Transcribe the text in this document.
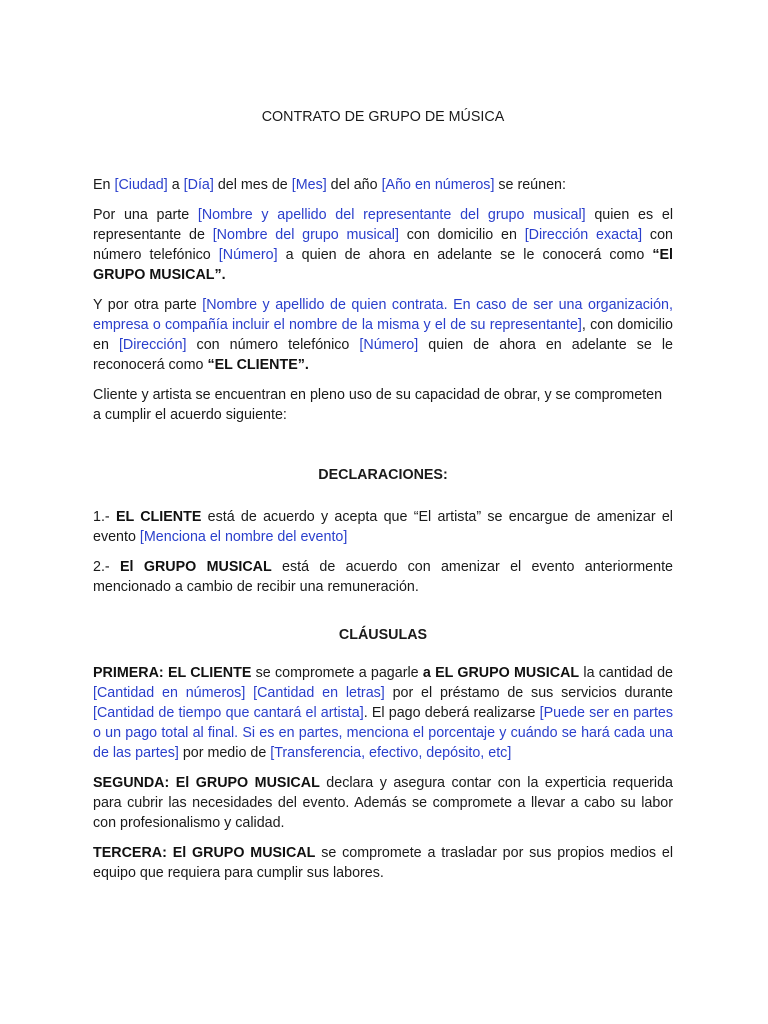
CONTRATO DE GRUPO DE MÚSICA

En [Ciudad] a [Día] del mes de [Mes] del año [Año en números] se reúnen:

Por una parte [Nombre y apellido del representante del grupo musical] quien es el representante de [Nombre del grupo musical] con domicilio en [Dirección exacta] con número telefónico [Número] a quien de ahora en adelante se le conocerá como “El GRUPO MUSICAL”.

Y por otra parte [Nombre y apellido de quien contrata. En caso de ser una organización, empresa o compañía incluir el nombre de la misma y el de su representante], con domicilio en [Dirección] con número telefónico [Número] quien de ahora en adelante se le reconocerá como “EL CLIENTE”.

Cliente y artista se encuentran en pleno uso de su capacidad de obrar, y se comprometen a cumplir el acuerdo siguiente:

DECLARACIONES:

1.- EL CLIENTE está de acuerdo y acepta que “El artista” se encargue de amenizar el evento [Menciona el nombre del evento]

2.- El GRUPO MUSICAL está de acuerdo con amenizar el evento anteriormente mencionado a cambio de recibir una remuneración.

CLÁUSULAS

PRIMERA: EL CLIENTE se compromete a pagarle a EL GRUPO MUSICAL la cantidad de [Cantidad en números] [Cantidad en letras] por el préstamo de sus servicios durante [Cantidad de tiempo que cantará el artista]. El pago deberá realizarse [Puede ser en partes o un pago total al final. Si es en partes, menciona el porcentaje y cuándo se hará cada una de las partes] por medio de [Transferencia, efectivo, depósito, etc]

SEGUNDA: El GRUPO MUSICAL declara y asegura contar con la experticia requerida para cubrir las necesidades del evento. Además se compromete a llevar a cabo su labor con profesionalismo y calidad.

TERCERA: El GRUPO MUSICAL se compromete a trasladar por sus propios medios el equipo que requiera para cumplir sus labores.
